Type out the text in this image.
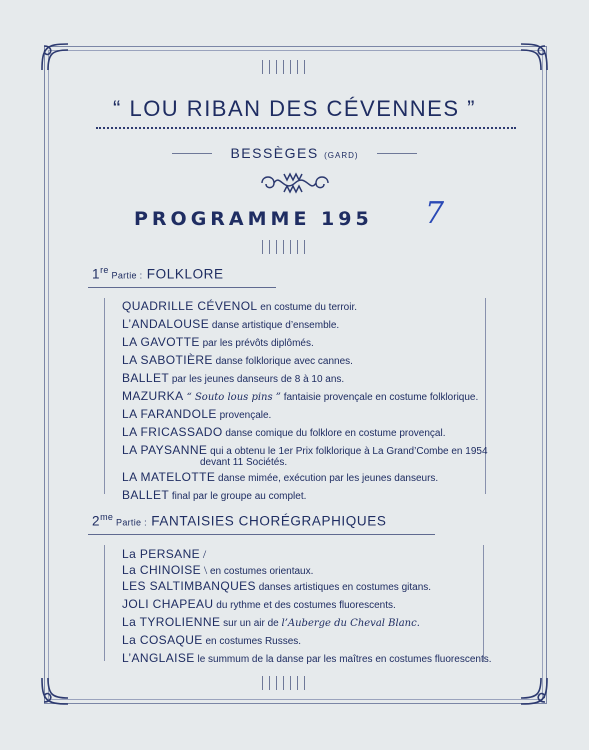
“ LOU RIBAN DES CÉVENNES ”
BESSÈGES (GARD)
PROGRAMME 195 7
1re Partie : FOLKLORE
QUADRILLE CÉVENOL en costume du terroir.
L’ANDALOUSE danse artistique d’ensemble.
LA GAVOTTE par les prévôts diplômés.
LA SABOTIÈRE danse folklorique avec cannes.
BALLET par les jeunes danseurs de 8 à 10 ans.
MAZURKA “ Souto lous pins ” fantaisie provençale en costume folklorique.
LA FARANDOLE provençale.
LA FRICASSADO danse comique du folklore en costume provençal.
LA PAYSANNE qui a obtenu le 1er Prix folklorique à La Grand’Combe en 1954
devant 11 Sociétés.
LA MATELOTTE danse mimée, exécution par les jeunes danseurs.
BALLET final par le groupe au complet.
$2^{me}$ Partie : FANTAISIES CHORÉGRAPHIQUES
La PERSANE /
La CHINOISE \ en costumes orientaux.
LES SALTIMBANQUES danses artistiques en costumes gitans.
JOLI CHAPEAU du rythme et des costumes fluorescents.
La TYROLIENNE sur un air de l’Auberge du Cheval Blanc.
La COSAQUE en costumes Russes.
L’ANGLAISE le summum de la danse par les maîtres en costumes fluorescents.
